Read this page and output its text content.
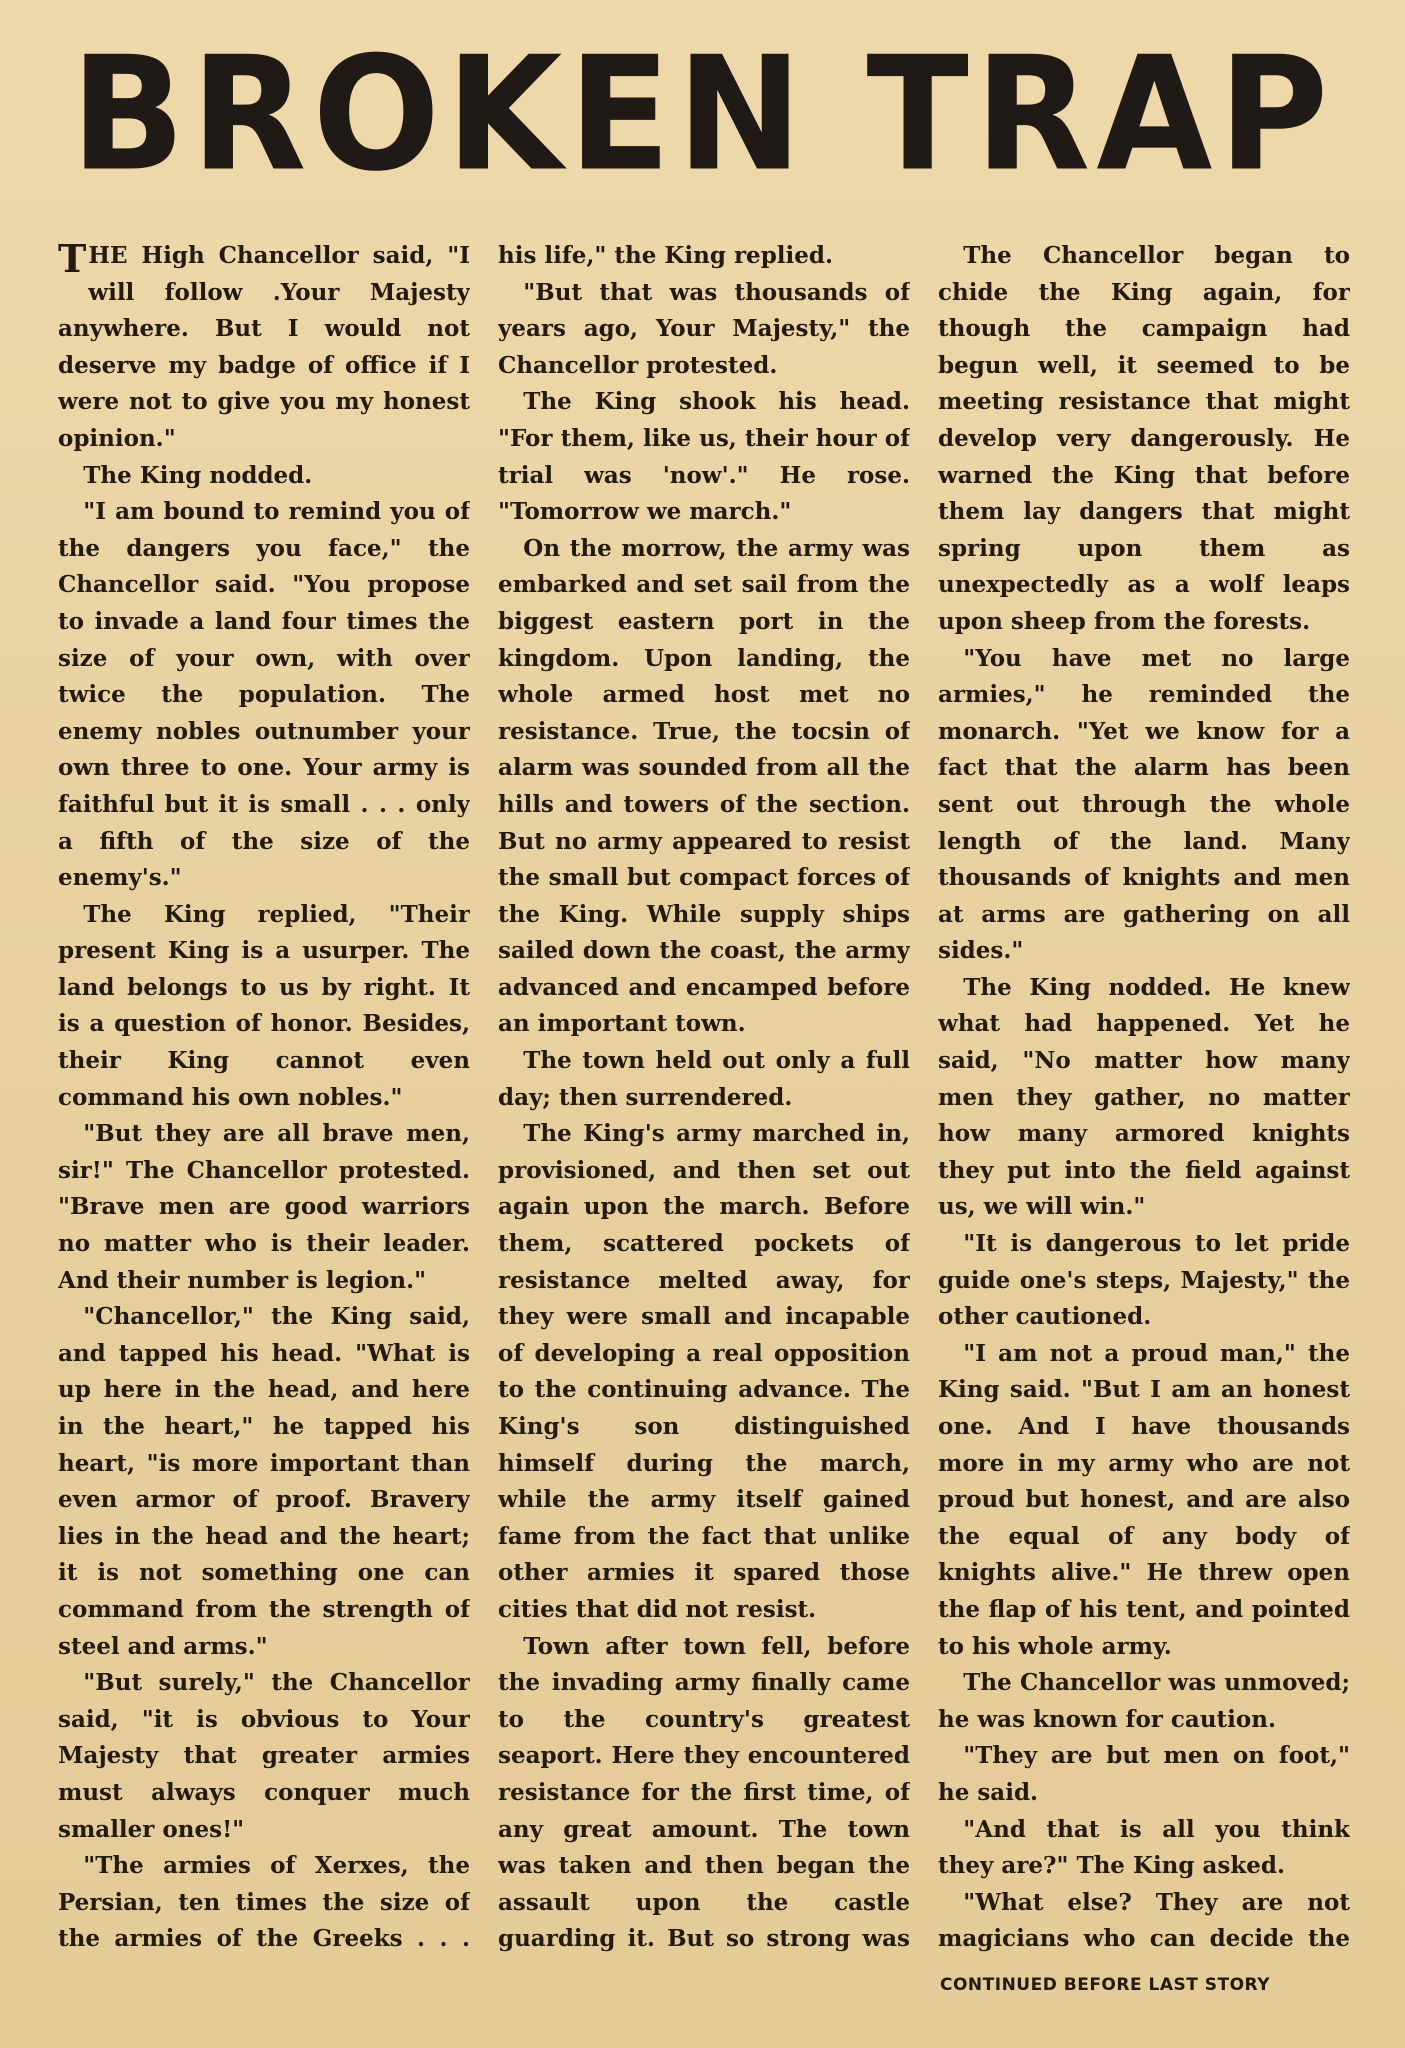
BROKEN TRAP

THE High Chancellor said, "I will follow .Your Majesty anywhere. But I would not deserve my badge of office if I were not to give you my honest opinion."

The King nodded.

"I am bound to remind you of the dangers you face," the Chancellor said. "You propose to invade a land four times the size of your own, with over twice the population. The enemy nobles outnumber your own three to one. Your army is faithful but it is small . . . only a fifth of the size of the enemy's."

The King replied, "Their present King is a usurper. The land belongs to us by right. It is a question of honor. Besides, their King cannot even command his own nobles."

"But they are all brave men, sir!" The Chancellor protested. "Brave men are good warriors no matter who is their leader. And their number is legion."

"Chancellor," the King said, and tapped his head. "What is up here in the head, and here in the heart," he tapped his heart, "is more important than even armor of proof. Bravery lies in the head and the heart; it is not something one can command from the strength of steel and arms."

"But surely," the Chancellor said, "it is obvious to Your Majesty that greater armies must always conquer much smaller ones!"

"The armies of Xerxes, the Persian, ten times the size of the armies of the Greeks . . .

his life," the King replied.

"But that was thousands of years ago, Your Majesty," the Chancellor protested.

The King shook his head. "For them, like us, their hour of trial was 'now'." He rose. "Tomorrow we march."

On the morrow, the army was embarked and set sail from the biggest eastern port in the kingdom. Upon landing, the whole armed host met no resistance. True, the tocsin of alarm was sounded from all the hills and towers of the section. But no army appeared to resist the small but compact forces of the King. While supply ships sailed down the coast, the army advanced and encamped before an important town.

The town held out only a full day; then surrendered.

The King's army marched in, provisioned, and then set out again upon the march. Before them, scattered pockets of resistance melted away, for they were small and incapable of developing a real opposition to the continuing advance. The King's son distinguished himself during the march, while the army itself gained fame from the fact that unlike other armies it spared those cities that did not resist.

Town after town fell, before the invading army finally came to the country's greatest seaport. Here they encountered resistance for the first time, of any great amount. The town was taken and then began the assault upon the castle guarding it. But so strong was

The Chancellor began to chide the King again, for though the campaign had begun well, it seemed to be meeting resistance that might develop very dangerously. He warned the King that before them lay dangers that might spring upon them as unexpectedly as a wolf leaps upon sheep from the forests.

"You have met no large armies," he reminded the monarch. "Yet we know for a fact that the alarm has been sent out through the whole length of the land. Many thousands of knights and men at arms are gathering on all sides."

The King nodded. He knew what had happened. Yet he said, "No matter how many men they gather, no matter how many armored knights they put into the field against us, we will win."

"It is dangerous to let pride guide one's steps, Majesty," the other cautioned.

"I am not a proud man," the King said. "But I am an honest one. And I have thousands more in my army who are not proud but honest, and are also the equal of any body of knights alive." He threw open the flap of his tent, and pointed to his whole army.

The Chancellor was unmoved; he was known for caution.

"They are but men on foot," he said.

"And that is all you think they are?" The King asked.

"What else? They are not magicians who can decide the

CONTINUED BEFORE LAST STORY
